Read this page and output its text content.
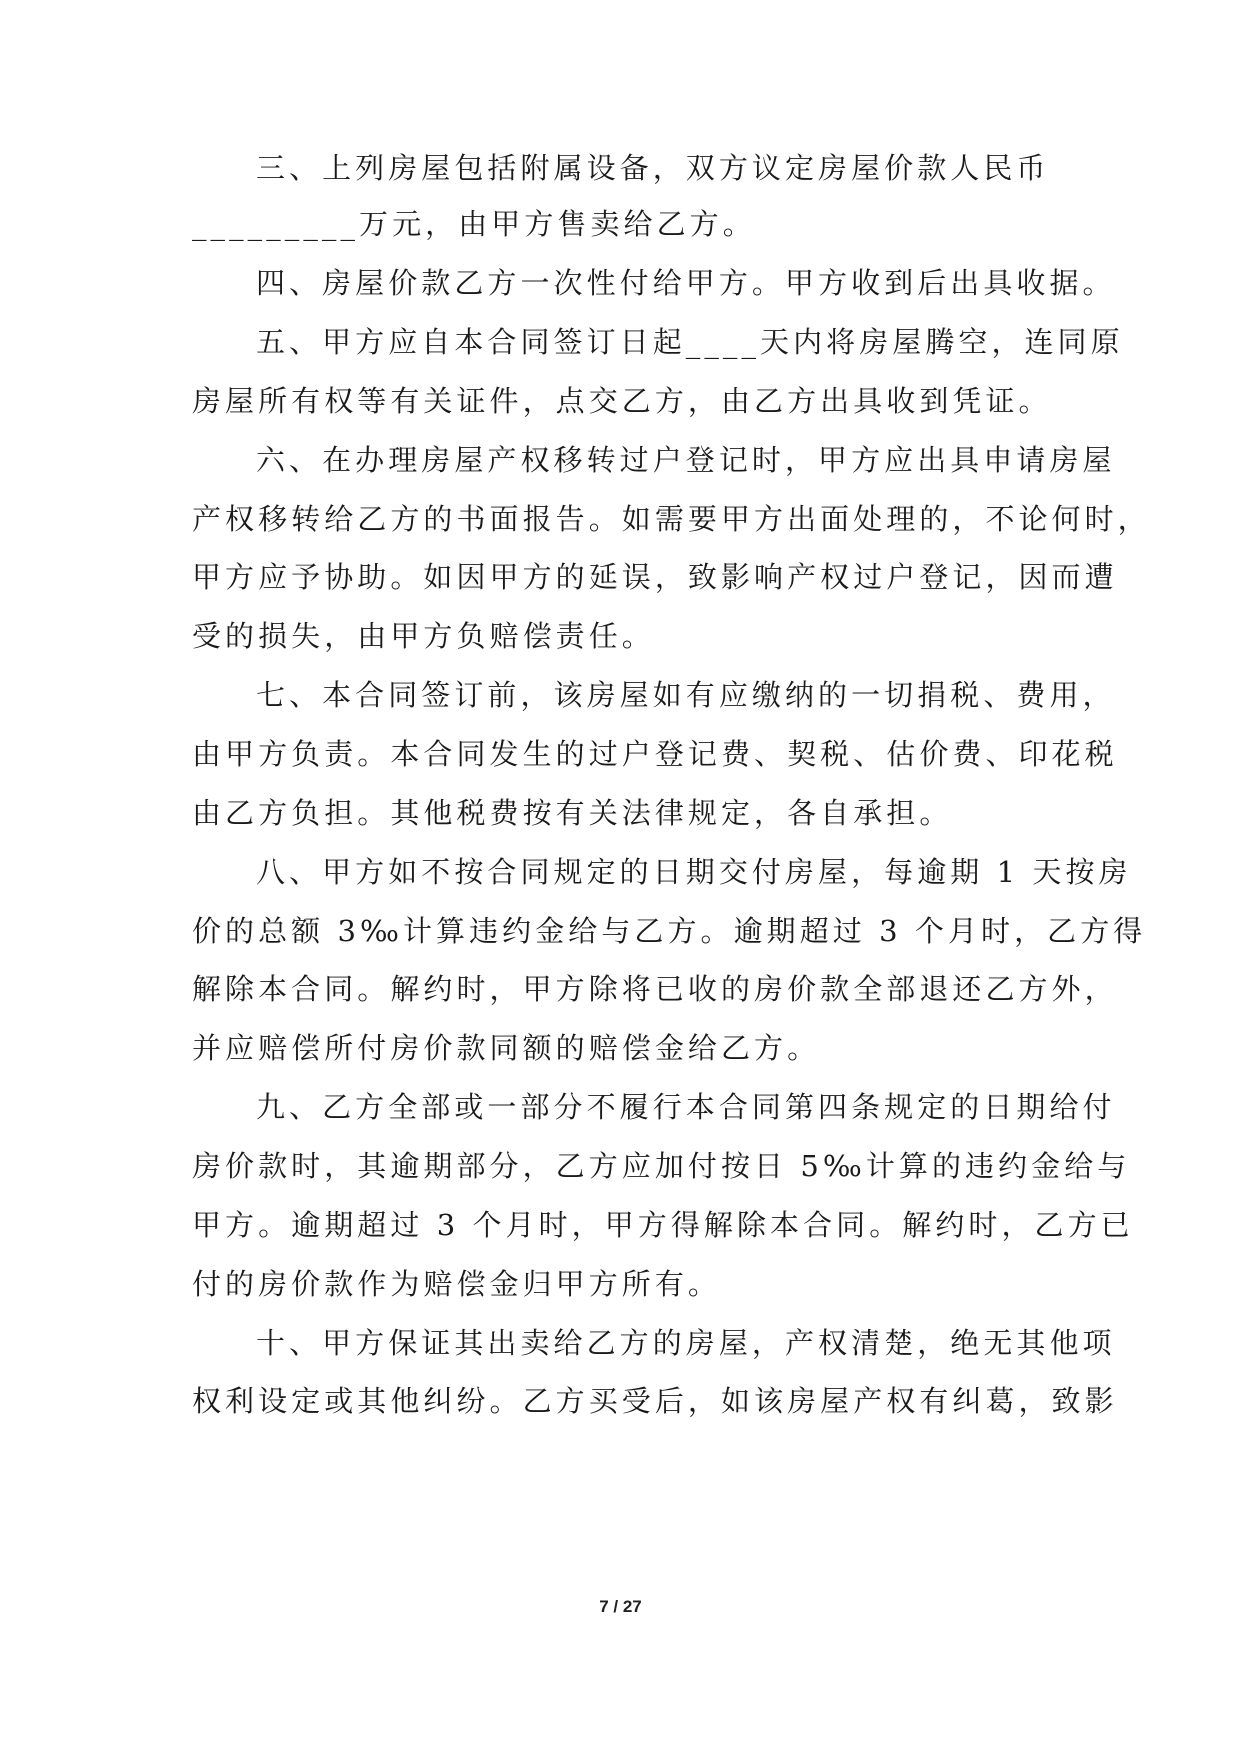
三、上列房屋包括附属设备，双方议定房屋价款人民币
_________万元，由甲方售卖给乙方。
四、房屋价款乙方一次性付给甲方。甲方收到后出具收据。
五、甲方应自本合同签订日起____天内将房屋腾空，连同原
房屋所有权等有关证件，点交乙方，由乙方出具收到凭证。
六、在办理房屋产权移转过户登记时，甲方应出具申请房屋
产权移转给乙方的书面报告。如需要甲方出面处理的，不论何时，
甲方应予协助。如因甲方的延误，致影响产权过户登记，因而遭
受的损失，由甲方负赔偿责任。
七、本合同签订前，该房屋如有应缴纳的一切捐税、费用，
由甲方负责。本合同发生的过户登记费、契税、估价费、印花税
由乙方负担。其他税费按有关法律规定，各自承担。
八、甲方如不按合同规定的日期交付房屋，每逾期 1 天按房
价的总额 3‰计算违约金给与乙方。逾期超过 3 个月时，乙方得
解除本合同。解约时，甲方除将已收的房价款全部退还乙方外，
并应赔偿所付房价款同额的赔偿金给乙方。
九、乙方全部或一部分不履行本合同第四条规定的日期给付
房价款时，其逾期部分，乙方应加付按日 5‰计算的违约金给与
甲方。逾期超过 3 个月时，甲方得解除本合同。解约时，乙方已
付的房价款作为赔偿金归甲方所有。
十、甲方保证其出卖给乙方的房屋，产权清楚，绝无其他项
权利设定或其他纠纷。乙方买受后，如该房屋产权有纠葛，致影
7 / 27
